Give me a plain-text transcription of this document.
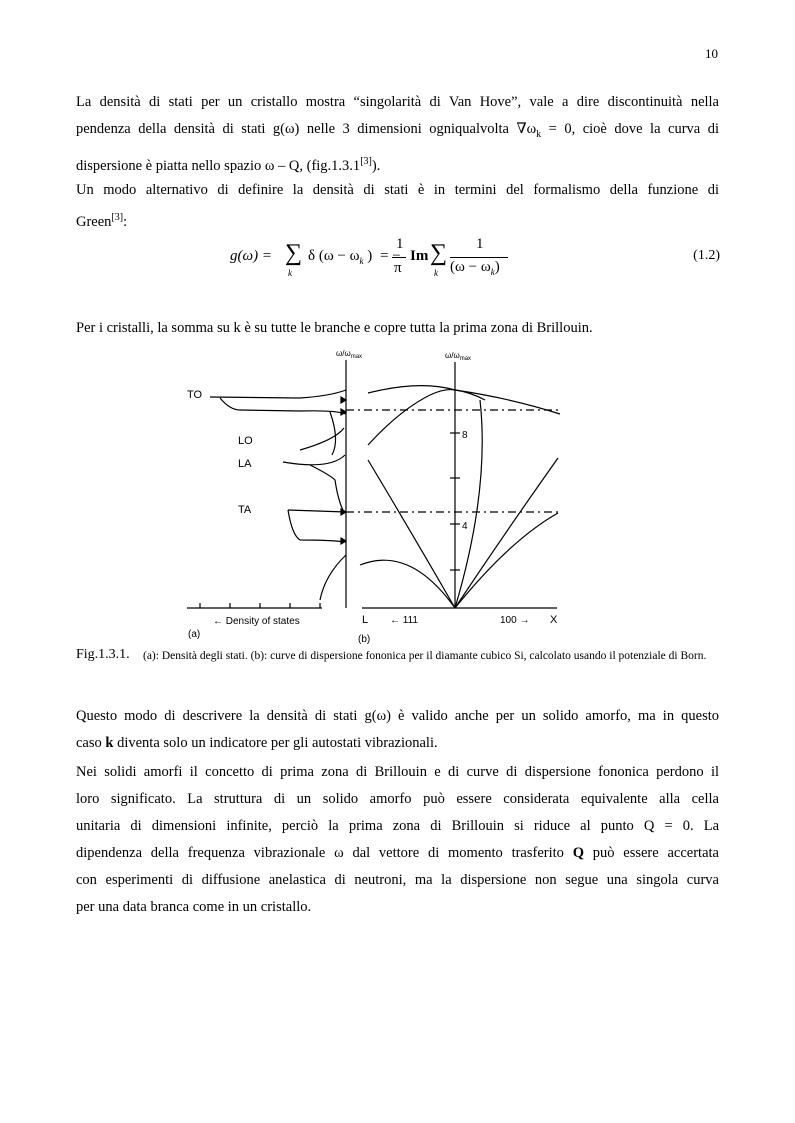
10
La densità di stati per un cristallo mostra “singolarità di Van Hove”, vale a dire discontinuità nella
pendenza della densità di stati g(ω) nelle 3 dimensioni ogniqualvolta $\nabla\omega_k = 0$, cioè dove la curva di
dispersione è piatta nello spazio ω – Q, (fig.1.3.1[3]).
Un modo alternativo di definire la densità di stati è in termini del formalismo della funzione di
Green[3]:
g(ω) = ∑
k
δ ($\omega - \omega_k$ ) = −
1
π
Im ∑
k
1
$(\omega - \omega_k)$
(1.2)
Per i cristalli, la somma su k è su tutte le branche e copre tutta la prima zona di Brillouin.
$\omega/\omega_{max}$	$\omega/\omega_{max}$
TO
LO
LA
TA
8
4
← Density of states
(a)	(b)
L ← 111	100 → X
Fig.1.3.1. (a): Densità degli stati. (b): curve di dispersione fononica per il diamante cubico Si, calcolato usando il potenziale di Born.
Questo modo di descrivere la densità di stati g(ω) è valido anche per un solido amorfo, ma in questo
caso k diventa solo un indicatore per gli autostati vibrazionali.
Nei solidi amorfi il concetto di prima zona di Brillouin e di curve di dispersione fononica perdono il
loro significato. La struttura di un solido amorfo può essere considerata equivalente alla cella
unitaria di dimensioni infinite, perciò la prima zona di Brillouin si riduce al punto Q = 0. La
dipendenza della frequenza vibrazionale ω dal vettore di momento trasferito Q può essere accertata
con esperimenti di diffusione anelastica di neutroni, ma la dispersione non segue una singola curva
per una data branca come in un cristallo.
